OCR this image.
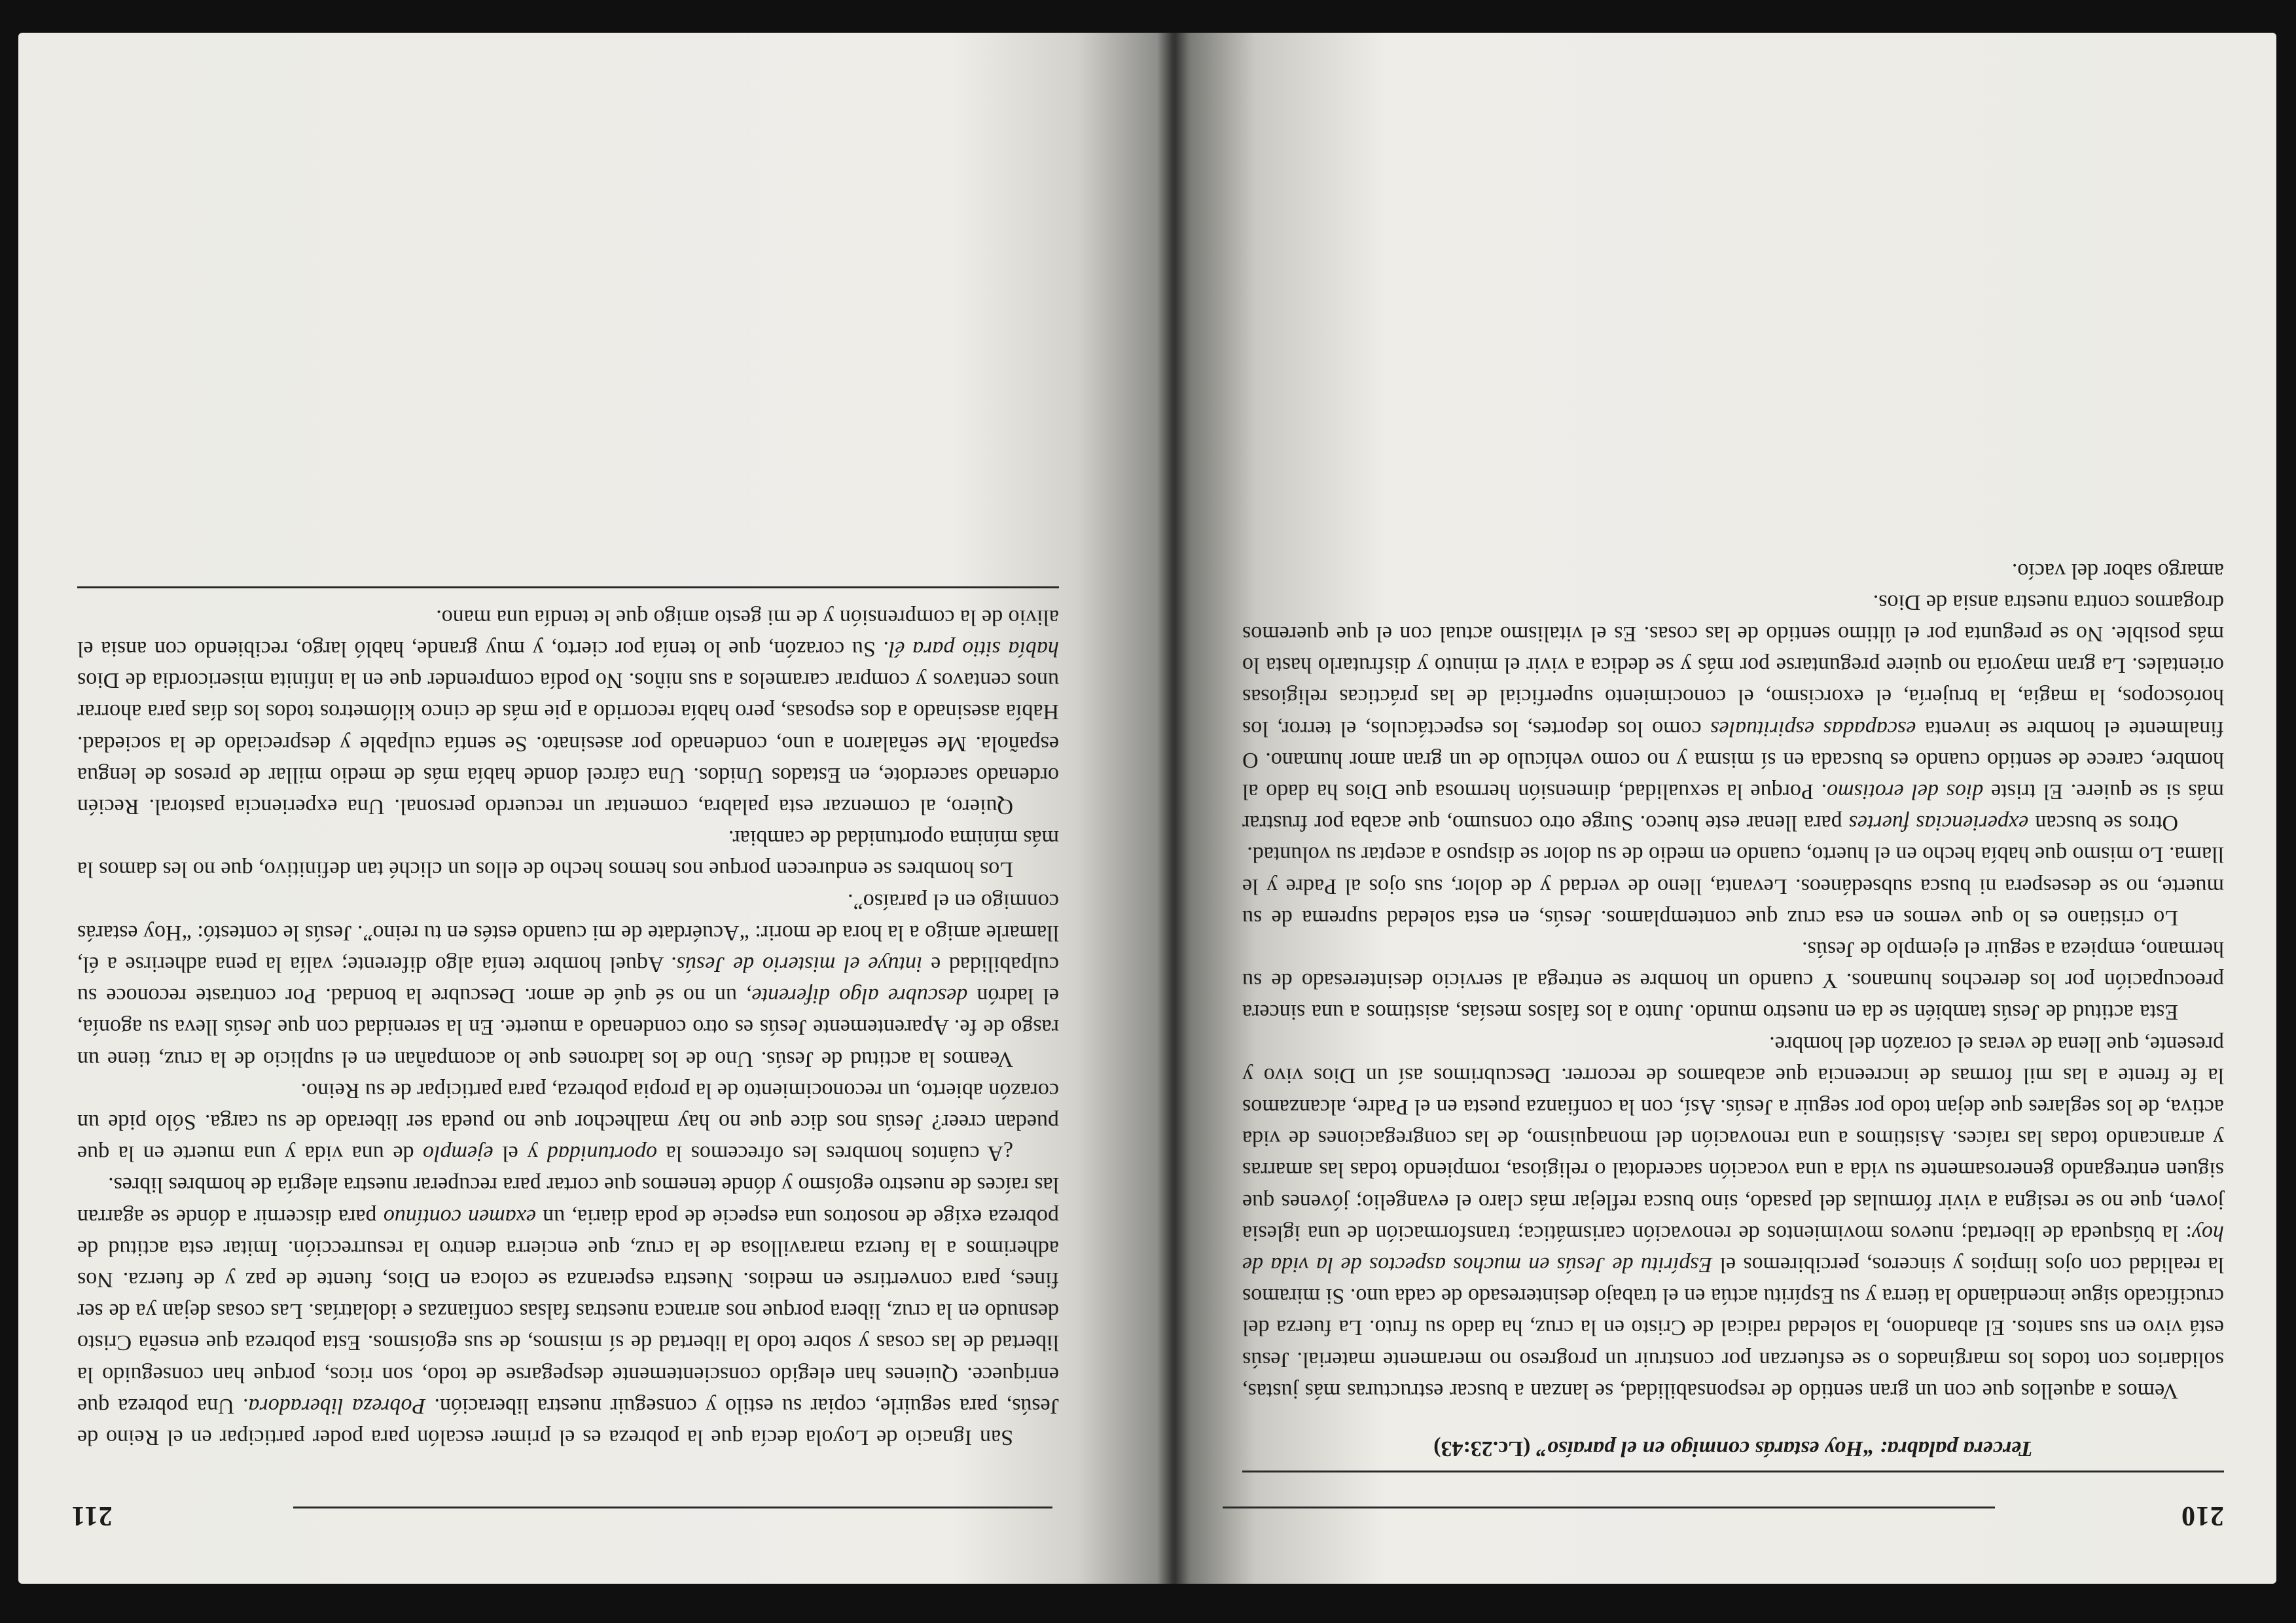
210

Tercera palabra: “Hoy estarás conmigo en el paraíso” (Lc.23:43)

Vemos a aquellos que con un gran sentido de responsabilidad, se lanzan a buscar estructuras más justas, solidarios con todos los marginados o se esfuerzan por construir un progreso no meramente material. Jesús está vivo en sus santos. El abandono, la soledad radical de Cristo en la cruz, ha dado su fruto. La fuerza del crucificado sigue incendiando la tierra y su Espíritu actúa en el trabajo desinteresado de cada uno. Si miramos la realidad con ojos limpios y sinceros, percibiremos el Espíritu de Jesús en muchos aspectos de la vida de hoy: la búsqueda de libertad; nuevos movimientos de renovación carismática; transformación de una iglesia joven, que no se resigna a vivir fórmulas del pasado, sino busca reflejar más claro el evangelio; jóvenes que siguen entregando generosamente su vida a una vocación sacerdotal o religiosa, rompiendo todas las amarras y arrancando todas las raíces. Asistimos a una renovación del monaquismo, de las congregaciones de vida activa, de los seglares que dejan todo por seguir a Jesús. Así, con la confianza puesta en el Padre, alcanzamos la fe frente a las mil formas de increencia que acabamos de recorrer. Descubrimos así un Dios vivo y presente, que llena de veras el corazón del hombre.

Esta actitud de Jesús también se da en nuestro mundo. Junto a los falsos mesías, asistimos a una sincera preocupación por los derechos humanos. Y cuando un hombre se entrega al servicio desinteresado de su hermano, empieza a seguir el ejemplo de Jesús.

Lo cristiano es lo que vemos en esa cruz que contemplamos. Jesús, en esta soledad suprema de su muerte, no se desespera ni busca subsedáneos. Levanta, lleno de verdad y de dolor, sus ojos al Padre y le llama. Lo mismo que había hecho en el huerto, cuando en medio de su dolor se dispuso a aceptar su voluntad.

Otros se buscan experiencias fuertes para llenar este hueco. Surge otro consumo, que acaba por frustrar más si se quiere. El triste dios del erotismo. Porque la sexualidad, dimensión hermosa que Dios ha dado al hombre, carece de sentido cuando es buscada en sí misma y no como vehículo de un gran amor humano. O finalmente el hombre se inventa escapadas espirituales como los deportes, los espectáculos, el terror, los horóscopos, la magia, la brujería, el exorcismo, el conocimiento superficial de las prácticas religiosas orientales. La gran mayoría no quiere preguntarse por más y se dedica a vivir el minuto y disfrutarlo hasta lo más posible. No se pregunta por el último sentido de las cosas. Es el vitalismo actual con el que queremos drogarnos contra nuestra ansia de Dios.

amargo sabor del vacío.

211

San Ignacio de Loyola decía que la pobreza es el primer escalón para poder participar en el Reino de Jesús, para seguirle, copiar su estilo y conseguir nuestra liberación. Pobreza liberadora. Una pobreza que enriquece. Quienes han elegido conscientemente despegarse de todo, son ricos, porque han conseguido la libertad de las cosas y sobre todo la libertad de sí mismos, de sus egoísmos. Esta pobreza que enseña Cristo desnudo en la cruz, libera porque nos arranca nuestras falsas confianzas e idolatrías. Las cosas dejan ya de ser fines, para convertirse en medios. Nuestra esperanza se coloca en Dios, fuente de paz y de fuerza. Nos adherimos a la fuerza maravillosa de la cruz, que encierra dentro la resurrección. Imitar esta actitud de pobreza exige de nosotros una especie de poda diaria, un examen contínuo para discernir a dónde se agarran las raíces de nuestro egoísmo y dónde tenemos que cortar para recuperar nuestra alegría de hombres libres.

¿A cuántos hombres les ofrecemos la oportunidad y el ejemplo de una vida y una muerte en la que puedan creer? Jesús nos dice que no hay malhechor que no pueda ser liberado de su carga. Sólo pide un corazón abierto, un reconocimiento de la propia pobreza, para participar de su Reino.

Veamos la actitud de Jesús. Uno de los ladrones que lo acompañan en el suplicio de la cruz, tiene un rasgo de fe. Aparentemente Jesús es otro condenado a muerte. En la serenidad con que Jesús lleva su agonía, el ladrón descubre algo diferente, un no sé qué de amor. Descubre la bondad. Por contraste reconoce su culpabilidad e intuye el misterio de Jesús. Aquel hombre tenía algo diferente; valía la pena adherirse a él, llamarle amigo a la hora de morir: “Acuérdate de mi cuando estés en tu reino”. Jesús le contestó: “Hoy estarás conmigo en el paraíso”.

Los hombres se endurecen porque nos hemos hecho de ellos un cliché tan definitivo, que no les damos la más mínima oportunidad de cambiar.

Quiero, al comenzar esta palabra, comentar un recuerdo personal. Una experiencia pastoral. Recién ordenado sacerdote, en Estados Unidos. Una cárcel donde había más de medio millar de presos de lengua española. Me señalaron a uno, condenado por asesinato. Se sentía culpable y despreciado de la sociedad. Había asesinado a dos esposas, pero había recorrido a pie más de cinco kilómetros todos los días para ahorrar unos centavos y comprar caramelos a sus niños. No podía comprender que en la infinita misericordia de Dios había sitio para él. Su corazón, que lo tenía por cierto, y muy grande, habló largo, recibiendo con ansia el alivio de la comprensión y de mi gesto amigo que le tendía una mano.
